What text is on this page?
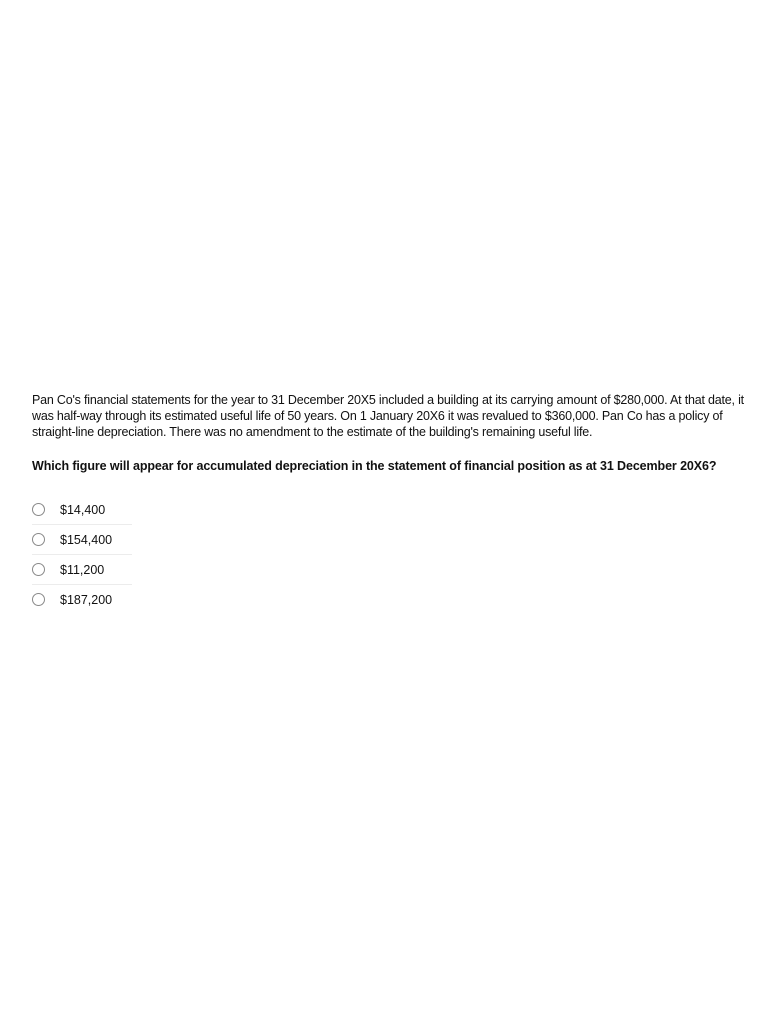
Pan Co's financial statements for the year to 31 December 20X5 included a building at its carrying amount of $280,000. At that date, it was half-way through its estimated useful life of 50 years. On 1 January 20X6 it was revalued to $360,000. Pan Co has a policy of straight-line depreciation. There was no amendment to the estimate of the building's remaining useful life.

Which figure will appear for accumulated depreciation in the statement of financial position as at 31 December 20X6?

$14,400
$154,400
$11,200
$187,200
